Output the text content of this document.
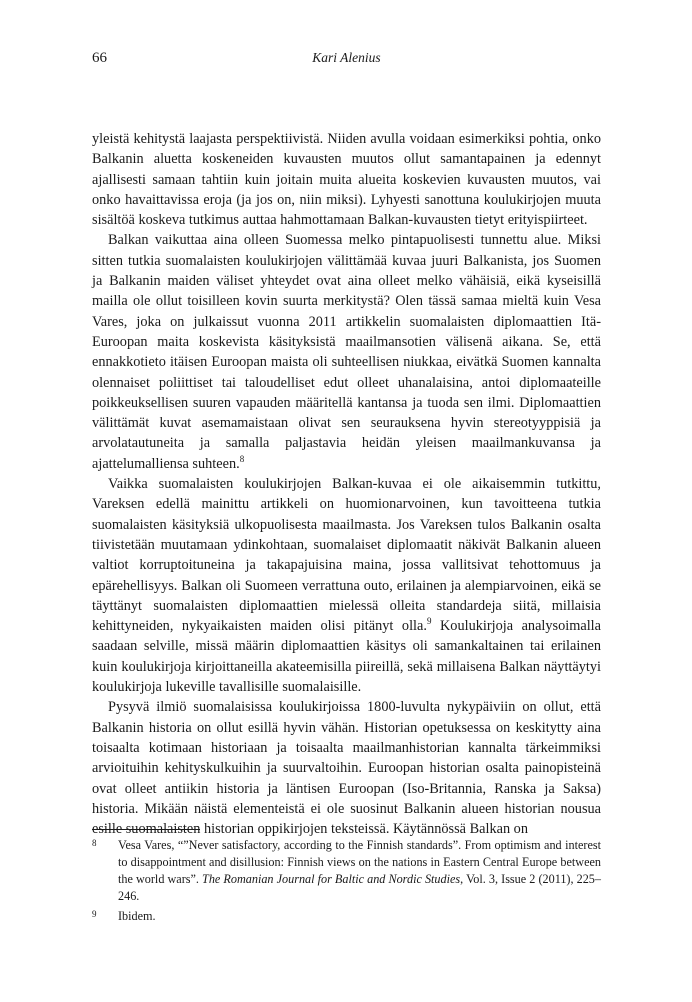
66	Kari Alenius

yleistä kehitystä laajasta perspektiivistä. Niiden avulla voidaan esimerkiksi pohtia, onko Balkanin aluetta koskeneiden kuvausten muutos ollut samantapainen ja edennyt ajallisesti samaan tahtiin kuin joitain muita alueita koskevien kuvausten muutos, vai onko havaittavissa eroja (ja jos on, niin miksi). Lyhyesti sanottuna koulukirjojen muuta sisältöä koskeva tutkimus auttaa hahmottamaan Balkan-kuvausten tietyt erityispiirteet.

Balkan vaikuttaa aina olleen Suomessa melko pintapuolisesti tunnettu alue. Miksi sitten tutkia suomalaisten koulukirjojen välittämää kuvaa juuri Balkanista, jos Suomen ja Balkanin maiden väliset yhteydet ovat aina olleet melko vähäisiä, eikä kyseisillä mailla ole ollut toisilleen kovin suurta merkitystä? Olen tässä samaa mieltä kuin Vesa Vares, joka on julkaissut vuonna 2011 artikkelin suomalaisten diplomaattien Itä-Euroopan maita koskevista käsityksistä maailmansotien välisenä aikana. Se, että ennakkotieto itäisen Euroopan maista oli suhteellisen niukkaa, eivätkä Suomen kannalta olennaiset poliittiset tai taloudelliset edut olleet uhanalaisina, antoi diplomaateille poikkeuksellisen suuren vapauden määritellä kantansa ja tuoda sen ilmi. Diplomaattien välittämät kuvat asemamaistaan olivat sen seurauksena hyvin stereotyyppisiä ja arvolatautuneita ja samalla paljastavia heidän yleisen maailmankuvansa ja ajattelumalliensa suhteen.$^8$

Vaikka suomalaisten koulukirjojen Balkan-kuvaa ei ole aikaisemmin tutkittu, Vareksen edellä mainittu artikkeli on huomionarvoinen, kun tavoitteena tutkia suomalaisten käsityksiä ulkopuolisesta maailmasta. Jos Vareksen tulos Balkanin osalta tiivistetään muutamaan ydinkohtaan, suomalaiset diplomaatit näkivät Balkanin alueen valtiot korruptoituneina ja takapajuisina maina, jossa vallitsivat tehottomuus ja epärehellisyys. Balkan oli Suomeen verrattuna outo, erilainen ja alempiarvoinen, eikä se täyttänyt suomalaisten diplomaattien mielessä olleita standardeja siitä, millaisia kehittyneiden, nykyaikaisten maiden olisi pitänyt olla.$^9$ Koulukirjoja analysoimalla saadaan selville, missä määrin diplomaattien käsitys oli samankaltainen tai erilainen kuin koulukirjoja kirjoittaneilla akateemisilla piireillä, sekä millaisena Balkan näyttäytyi koulukirjoja lukeville tavallisille suomalaisille.

Pysyvä ilmiö suomalaisissa koulukirjoissa 1800-luvulta nykypäiviin on ollut, että Balkanin historia on ollut esillä hyvin vähän. Historian opetuksessa on keskitytty aina toisaalta kotimaan historiaan ja toisaalta maailmanhistorian kannalta tärkeimmiksi arvioituihin kehityskulkuihin ja suurvaltoihin. Euroopan historian osalta painopisteinä ovat olleet antiikin historia ja läntisen Euroopan (Iso-Britannia, Ranska ja Saksa) historia. Mikään näistä elementeistä ei ole suosinut Balkanin alueen historian nousua esille suomalaisten historian oppikirjojen teksteissä. Käytännössä Balkan on

8 Vesa Vares, “”Never satisfactory, according to the Finnish standards”. From optimism and interest to disappointment and disillusion: Finnish views on the nations in Eastern Central Europe between the world wars”. The Romanian Journal for Baltic and Nordic Studies, Vol. 3, Issue 2 (2011), 225–246.

9 Ibidem.
